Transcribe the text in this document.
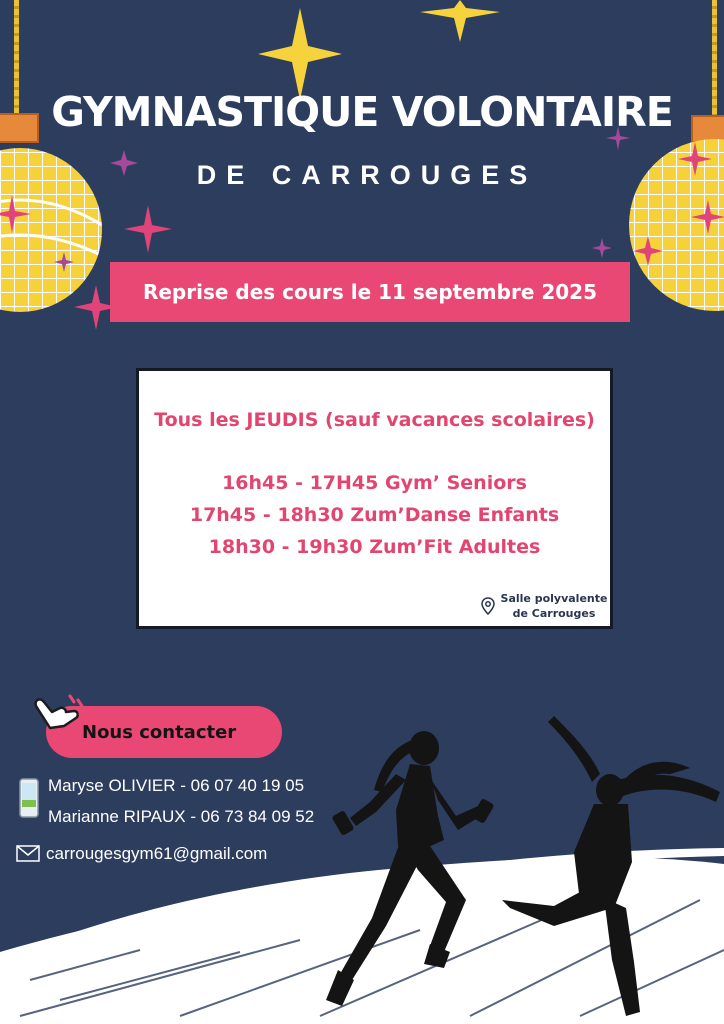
GYMNASTIQUE VOLONTAIRE
DE CARROUGES
Reprise des cours le 11 septembre 2025
Tous les JEUDIS (sauf vacances scolaires)
16h45 - 17H45 Gym’ Seniors
17h45 - 18h30 Zum’Danse Enfants
18h30 - 19h30 Zum’Fit Adultes
Salle polyvalente
de Carrouges
Nous contacter
Maryse OLIVIER - 06 07 40 19 05
Marianne RIPAUX - 06 73 84 09 52
carrougesgym61@gmail.com
